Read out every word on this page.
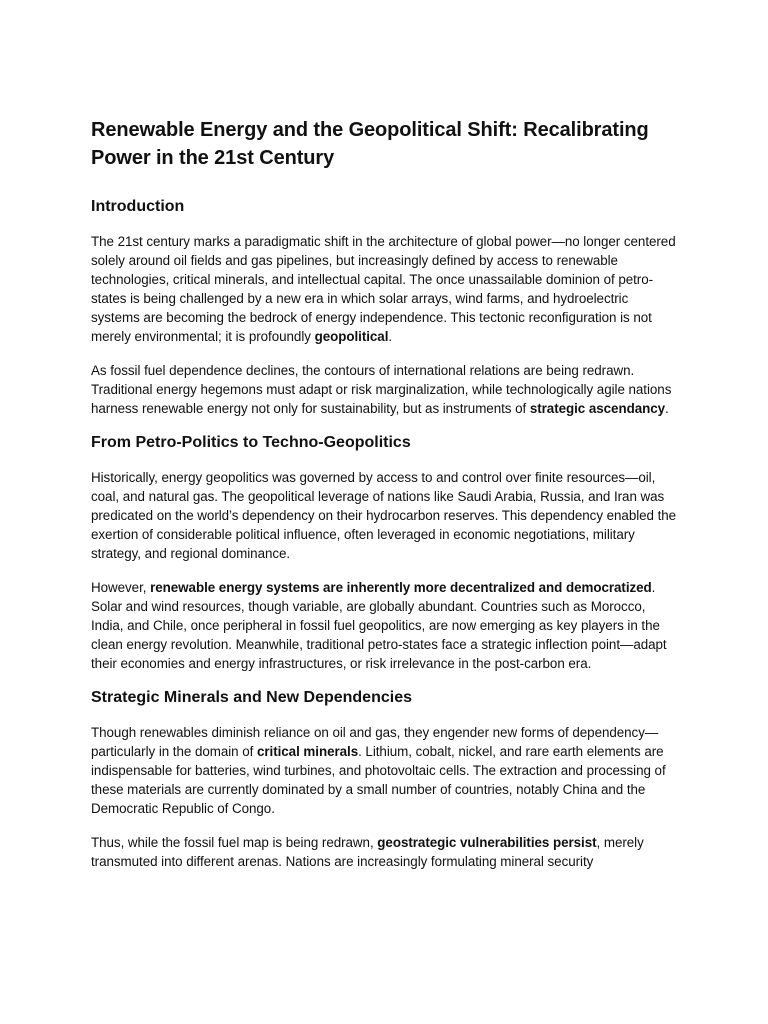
Renewable Energy and the Geopolitical Shift: Recalibrating Power in the 21st Century
Introduction

The 21st century marks a paradigmatic shift in the architecture of global power—no longer centered solely around oil fields and gas pipelines, but increasingly defined by access to renewable technologies, critical minerals, and intellectual capital. The once unassailable dominion of petro-states is being challenged by a new era in which solar arrays, wind farms, and hydroelectric systems are becoming the bedrock of energy independence. This tectonic reconfiguration is not merely environmental; it is profoundly geopolitical.

As fossil fuel dependence declines, the contours of international relations are being redrawn. Traditional energy hegemons must adapt or risk marginalization, while technologically agile nations harness renewable energy not only for sustainability, but as instruments of strategic ascendancy.

From Petro-Politics to Techno-Geopolitics

Historically, energy geopolitics was governed by access to and control over finite resources—oil, coal, and natural gas. The geopolitical leverage of nations like Saudi Arabia, Russia, and Iran was predicated on the world’s dependency on their hydrocarbon reserves. This dependency enabled the exertion of considerable political influence, often leveraged in economic negotiations, military strategy, and regional dominance.

However, renewable energy systems are inherently more decentralized and democratized. Solar and wind resources, though variable, are globally abundant. Countries such as Morocco, India, and Chile, once peripheral in fossil fuel geopolitics, are now emerging as key players in the clean energy revolution. Meanwhile, traditional petro-states face a strategic inflection point—adapt their economies and energy infrastructures, or risk irrelevance in the post-carbon era.

Strategic Minerals and New Dependencies

Though renewables diminish reliance on oil and gas, they engender new forms of dependency—particularly in the domain of critical minerals. Lithium, cobalt, nickel, and rare earth elements are indispensable for batteries, wind turbines, and photovoltaic cells. The extraction and processing of these materials are currently dominated by a small number of countries, notably China and the Democratic Republic of Congo.

Thus, while the fossil fuel map is being redrawn, geostrategic vulnerabilities persist, merely transmuted into different arenas. Nations are increasingly formulating mineral security
